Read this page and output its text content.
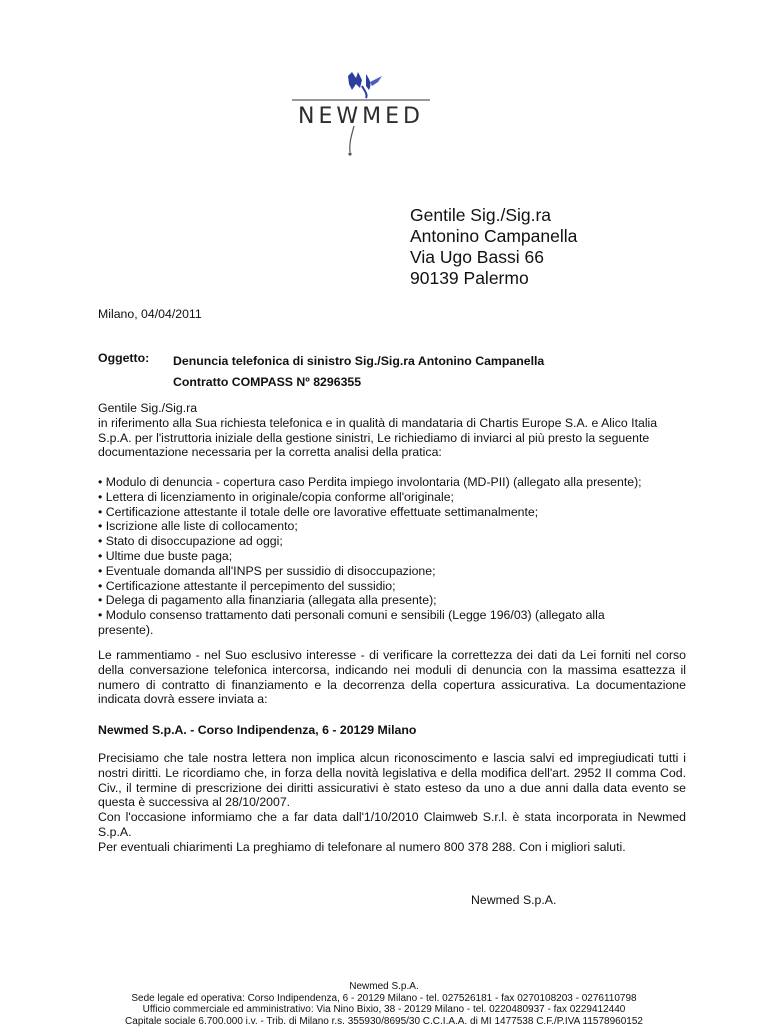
NEWMED
Gentile Sig./Sig.ra
Antonino Campanella
Via Ugo Bassi 66
90139 Palermo
Milano, 04/04/2011
Oggetto: Denuncia telefonica di sinistro Sig./Sig.ra Antonino Campanella
Contratto COMPASS Nº 8296355
Gentile Sig./Sig.ra
in riferimento alla Sua richiesta telefonica e in qualità di mandataria di Chartis Europe S.A. e Alico Italia
S.p.A. per l'istruttoria iniziale della gestione sinistri, Le richiediamo di inviarci al più presto la seguente
documentazione necessaria per la corretta analisi della pratica:
• Modulo di denuncia - copertura caso Perdita impiego involontaria (MD-PII) (allegato alla presente);
• Lettera di licenziamento in originale/copia conforme all'originale;
• Certificazione attestante il totale delle ore lavorative effettuate settimanalmente;
• Iscrizione alle liste di collocamento;
• Stato di disoccupazione ad oggi;
• Ultime due buste paga;
• Eventuale domanda all'INPS per sussidio di disoccupazione;
• Certificazione attestante il percepimento del sussidio;
• Delega di pagamento alla finanziaria (allegata alla presente);
• Modulo consenso trattamento dati personali comuni e sensibili (Legge 196/03) (allegato alla
presente).
Le rammentiamo - nel Suo esclusivo interesse - di verificare la correttezza dei dati da Lei forniti nel corso della conversazione telefonica intercorsa, indicando nei moduli di denuncia con la massima esattezza il numero di contratto di finanziamento e la decorrenza della copertura assicurativa. La documentazione indicata dovrà essere inviata a:
Newmed S.p.A. - Corso Indipendenza, 6 - 20129 Milano
Precisiamo che tale nostra lettera non implica alcun riconoscimento e lascia salvi ed impregiudicati tutti i nostri diritti. Le ricordiamo che, in forza della novità legislativa e della modifica dell'art. 2952 II comma Cod. Civ., il termine di prescrizione dei diritti assicurativi è stato esteso da uno a due anni dalla data evento se questa è successiva al 28/10/2007.
Con l'occasione informiamo che a far data dall'1/10/2010 Claimweb S.r.l. è stata incorporata in Newmed S.p.A.
Per eventuali chiarimenti La preghiamo di telefonare al numero 800 378 288. Con i migliori saluti.
Newmed S.p.A.
Newmed S.p.A.
Sede legale ed operativa: Corso Indipendenza, 6 - 20129 Milano - tel. 027526181 - fax 0270108203 - 0276110798
Ufficio commerciale ed amministrativo: Via Nino Bixio, 38 - 20129 Milano - tel. 0220480937 - fax 0229412440
Capitale sociale 6.700.000 i.v. - Trib. di Milano r.s. 355930/8695/30 C.C.I.A.A. di MI 1477538 C.F./P.IVA 11578960152
